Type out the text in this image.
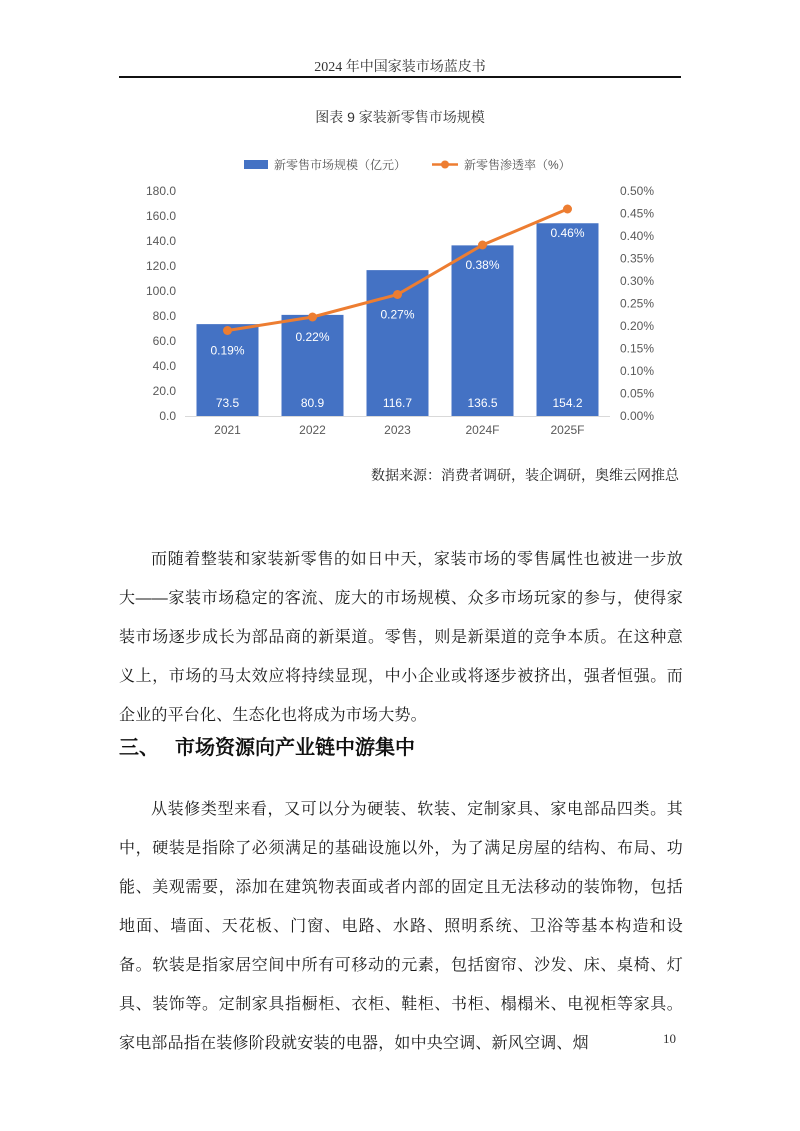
2024 年中国家装市场蓝皮书
图表 9 家装新零售市场规模
新零售市场规模（亿元）	新零售渗透率（%）
0.0
20.0
40.0
60.0
80.0
100.0
120.0
140.0
160.0
180.0
0.00%
0.05%
0.10%
0.15%
0.20%
0.25%
0.30%
0.35%
0.40%
0.45%
0.50%
73.5	80.9	116.7	136.5	154.2
2021	2022	2023	2024F	2025F
0.19%
0.22%
0.27%
0.38%
0.46%
数据来源：消费者调研，装企调研，奥维云网推总

而随着整装和家装新零售的如日中天，家装市场的零售属性也被进一步放大——家装市场稳定的客流、庞大的市场规模、众多市场玩家的参与，使得家装市场逐步成长为部品商的新渠道。零售，则是新渠道的竞争本质。在这种意义上，市场的马太效应将持续显现，中小企业或将逐步被挤出，强者恒强。而企业的平台化、生态化也将成为市场大势。

三、 市场资源向产业链中游集中

从装修类型来看，又可以分为硬装、软装、定制家具、家电部品四类。其中，硬装是指除了必须满足的基础设施以外，为了满足房屋的结构、布局、功能、美观需要，添加在建筑物表面或者内部的固定且无法移动的装饰物，包括地面、墙面、天花板、门窗、电路、水路、照明系统、卫浴等基本构造和设备。软装是指家居空间中所有可移动的元素，包括窗帘、沙发、床、桌椅、灯具、装饰等。定制家具指橱柜、衣柜、鞋柜、书柜、榻榻米、电视柜等家具。家电部品指在装修阶段就安装的电器，如中央空调、新风空调、烟	10
